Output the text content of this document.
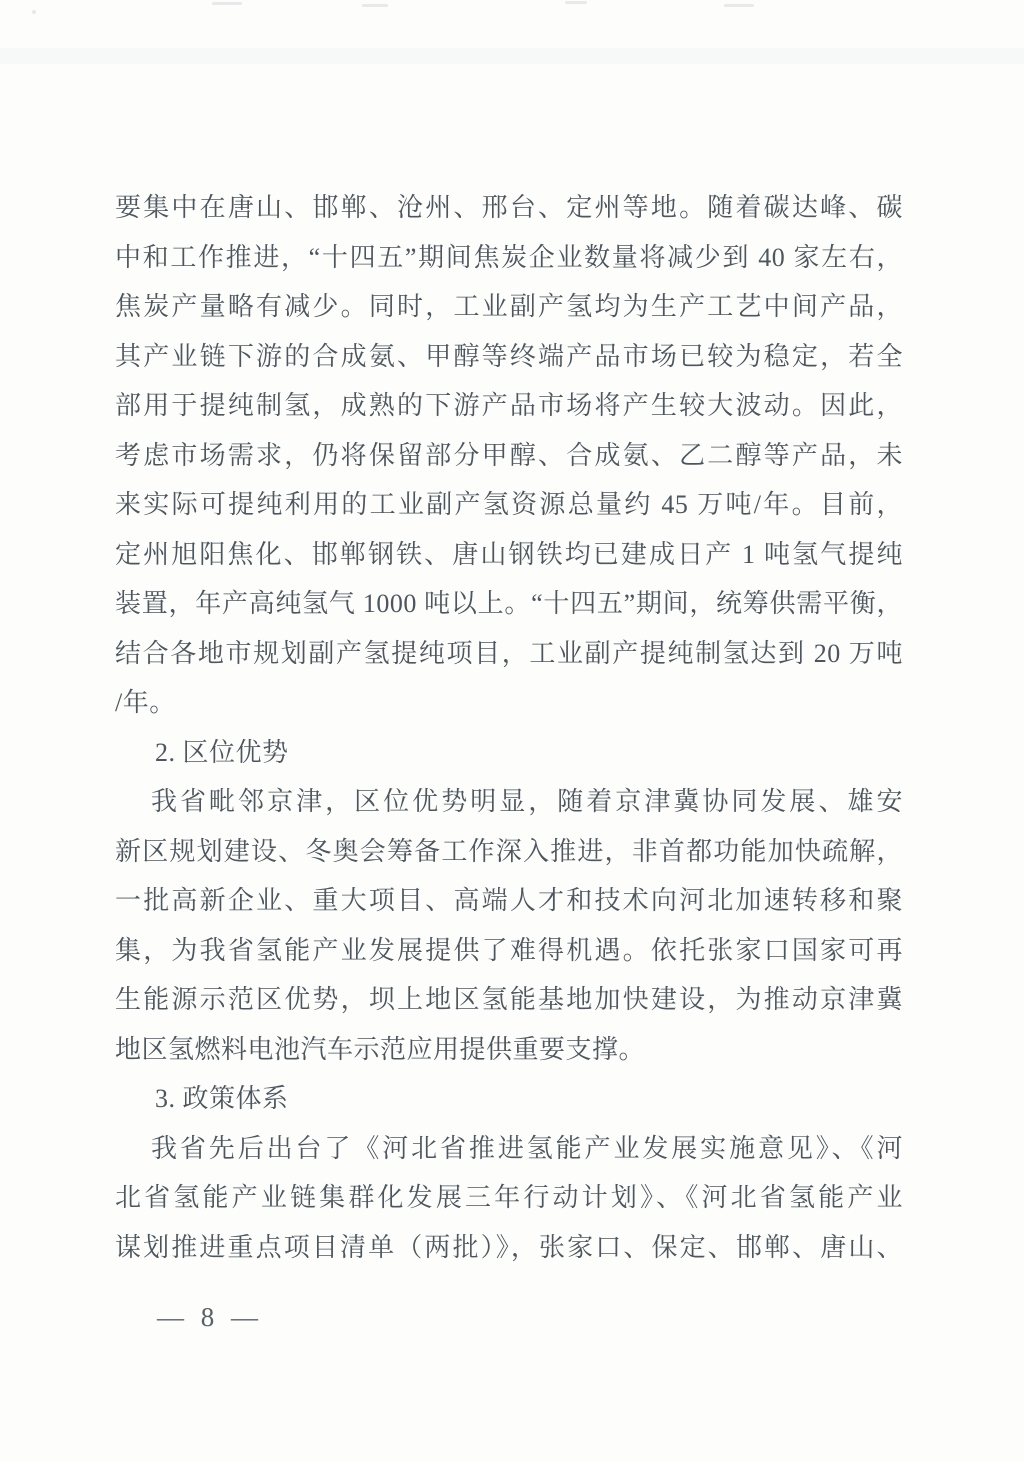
要集中在唐山、邯郸、沧州、邢台、定州等地。随着碳达峰、碳
中和工作推进，“十四五”期间焦炭企业数量将减少到 40 家左右，
焦炭产量略有减少。同时，工业副产氢均为生产工艺中间产品，
其产业链下游的合成氨、甲醇等终端产品市场已较为稳定，若全
部用于提纯制氢，成熟的下游产品市场将产生较大波动。因此，
考虑市场需求，仍将保留部分甲醇、合成氨、乙二醇等产品，未
来实际可提纯利用的工业副产氢资源总量约 45 万吨/年。目前，
定州旭阳焦化、邯郸钢铁、唐山钢铁均已建成日产 1 吨氢气提纯
装置，年产高纯氢气 1000 吨以上。“十四五”期间，统筹供需平衡，
结合各地市规划副产氢提纯项目，工业副产提纯制氢达到 20 万吨
/年。
2. 区位优势
我省毗邻京津，区位优势明显，随着京津冀协同发展、雄安
新区规划建设、冬奥会筹备工作深入推进，非首都功能加快疏解，
一批高新企业、重大项目、高端人才和技术向河北加速转移和聚
集，为我省氢能产业发展提供了难得机遇。依托张家口国家可再
生能源示范区优势，坝上地区氢能基地加快建设，为推动京津冀
地区氢燃料电池汽车示范应用提供重要支撑。
3. 政策体系
我省先后出台了《河北省推进氢能产业发展实施意见》、《河
北省氢能产业链集群化发展三年行动计划》、《河北省氢能产业
谋划推进重点项目清单（两批）》，张家口、保定、邯郸、唐山、
— 8 —
